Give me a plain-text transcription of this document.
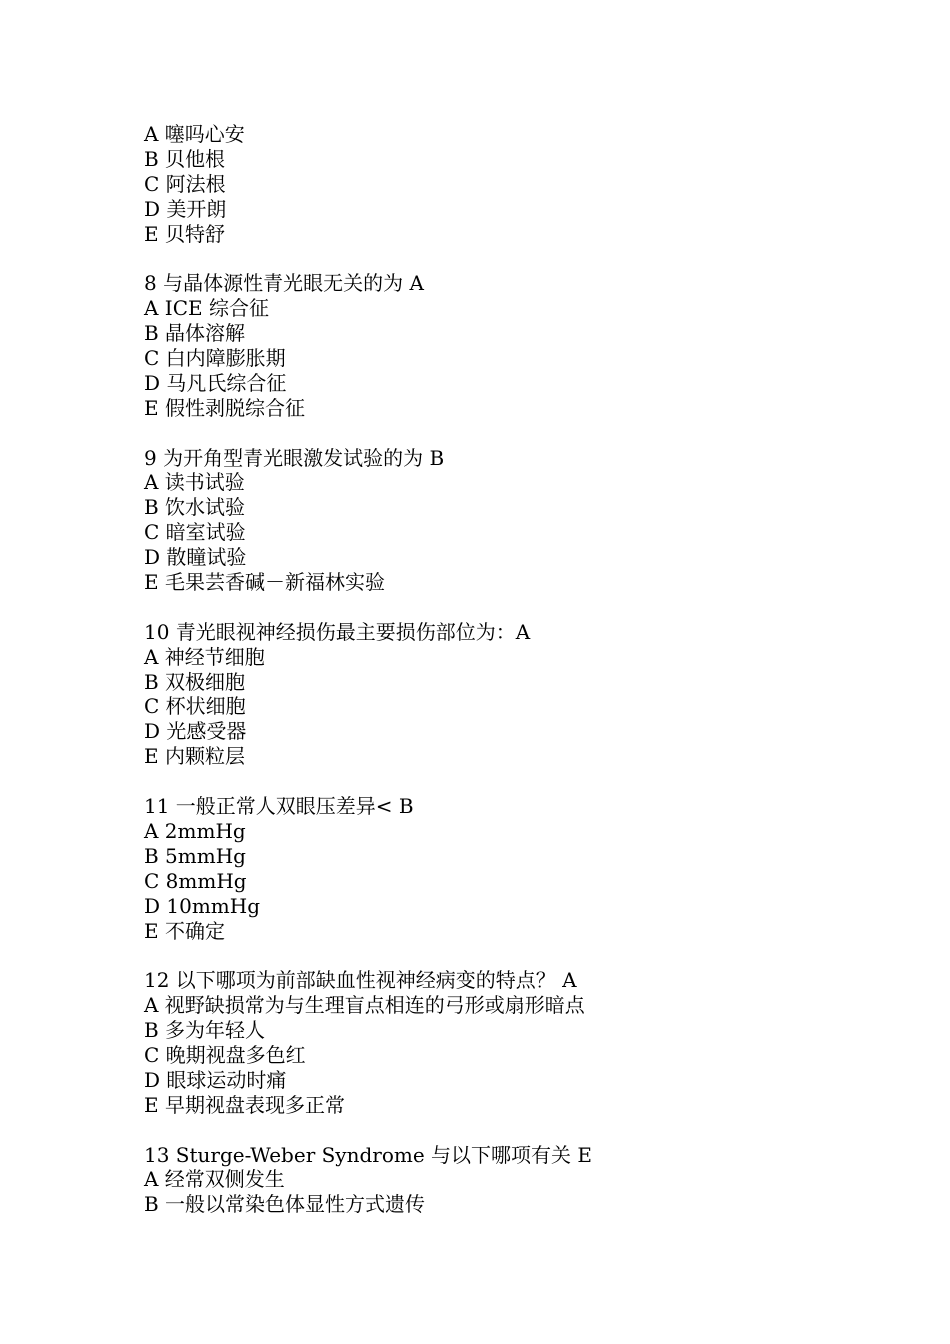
A 噻吗心安
B 贝他根
C 阿法根
D 美开朗
E 贝特舒
8 与晶体源性青光眼无关的为 A
A ICE 综合征
B 晶体溶解
C 白内障膨胀期
D 马凡氏综合征
E 假性剥脱综合征
9 为开角型青光眼激发试验的为 B
A 读书试验
B 饮水试验
C 暗室试验
D 散瞳试验
E 毛果芸香碱－新福林实验
10 青光眼视神经损伤最主要损伤部位为：A
A 神经节细胞
B 双极细胞
C 杯状细胞
D 光感受器
E 内颗粒层
11 一般正常人双眼压差异< B
A 2mmHg
B 5mmHg
C 8mmHg
D 10mmHg
E 不确定
12 以下哪项为前部缺血性视神经病变的特点？ A
A 视野缺损常为与生理盲点相连的弓形或扇形暗点
B 多为年轻人
C 晚期视盘多色红
D 眼球运动时痛
E 早期视盘表现多正常
13 Sturge-Weber Syndrome 与以下哪项有关 E
A 经常双侧发生
B 一般以常染色体显性方式遗传
